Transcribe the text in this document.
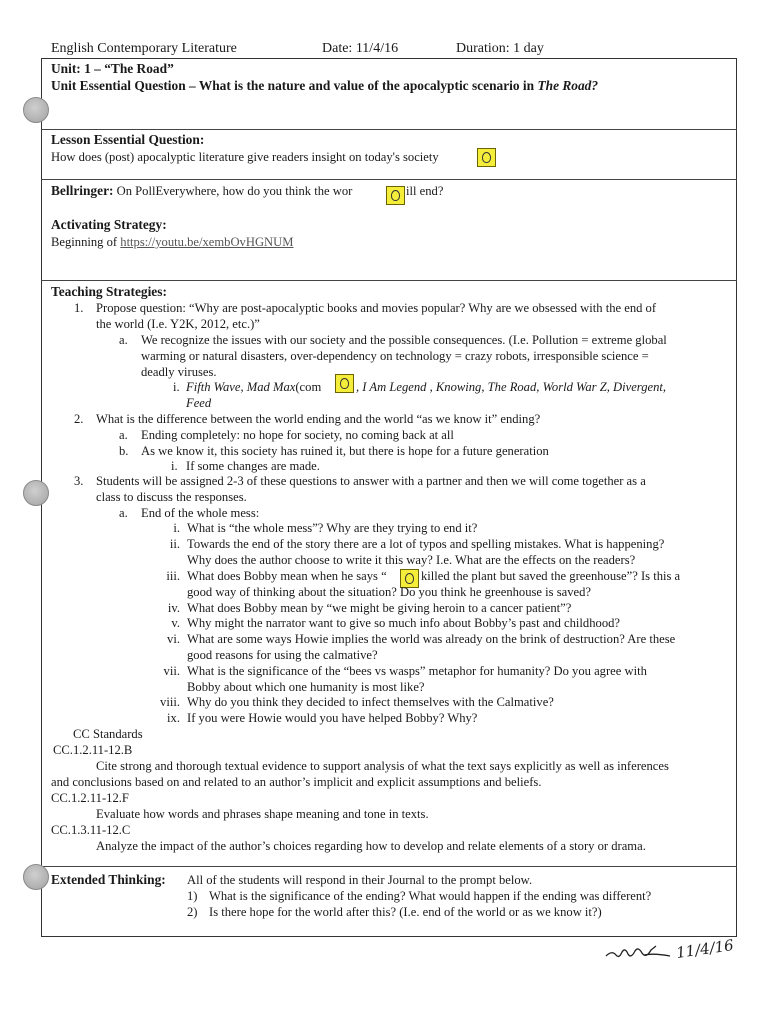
English Contemporary Literature	Date: 11/4/16	Duration: 1 day
Unit: 1 – “The Road”
Unit Essential Question – What is the nature and value of the apocalyptic scenario in The Road?
Lesson Essential Question:
How does (post) apocalyptic literature give readers insight on today's society
Bellringer: On PollEverywhere, how do you think the wor	ill end?
Activating Strategy:
Beginning of https://youtu.be/xembOvHGNUM
Teaching Strategies:
1. Propose question: “Why are post-apocalyptic books and movies popular? Why are we obsessed with the end of
the world (I.e. Y2K, 2012, etc.)”
a. We recognize the issues with our society and the possible consequences. (I.e. Pollution = extreme global
warming or natural disasters, over-dependency on technology = crazy robots, irresponsible science =
deadly viruses.
i. Fifth Wave, Mad Max(com	, I Am Legend , Knowing, The Road, World War Z, Divergent,
Feed
2. What is the difference between the world ending and the world “as we know it” ending?
a. Ending completely: no hope for society, no coming back at all
b. As we know it, this society has ruined it, but there is hope for a future generation
i. If some changes are made.
3. Students will be assigned 2-3 of these questions to answer with a partner and then we will come together as a
class to discuss the responses.
a. End of the whole mess:
i. What is “the whole mess”? Why are they trying to end it?
ii. Towards the end of the story there are a lot of typos and spelling mistakes. What is happening?
Why does the author choose to write it this way? I.e. What are the effects on the readers?
iii. What does Bobby mean when he says “	killed the plant but saved the greenhouse”? Is this a
good way of thinking about the situation? Do you think he greenhouse is saved?
iv. What does Bobby mean by “we might be giving heroin to a cancer patient”?
v. Why might the narrator want to give so much info about Bobby’s past and childhood?
vi. What are some ways Howie implies the world was already on the brink of destruction? Are these
good reasons for using the calmative?
vii. What is the significance of the “bees vs wasps” metaphor for humanity? Do you agree with
Bobby about which one humanity is most like?
viii. Why do you think they decided to infect themselves with the Calmative?
ix. If you were Howie would you have helped Bobby? Why?
CC Standards
CC.1.2.11-12.B
Cite strong and thorough textual evidence to support analysis of what the text says explicitly as well as inferences
and conclusions based on and related to an author’s implicit and explicit assumptions and beliefs.
CC.1.2.11-12.F
Evaluate how words and phrases shape meaning and tone in texts.
CC.1.3.11-12.C
Analyze the impact of the author’s choices regarding how to develop and relate elements of a story or drama.
Extended Thinking: All of the students will respond in their Journal to the prompt below.
1) What is the significance of the ending? What would happen if the ending was different?
2) Is there hope for the world after this? (I.e. end of the world or as we know it?)
11/4/16
